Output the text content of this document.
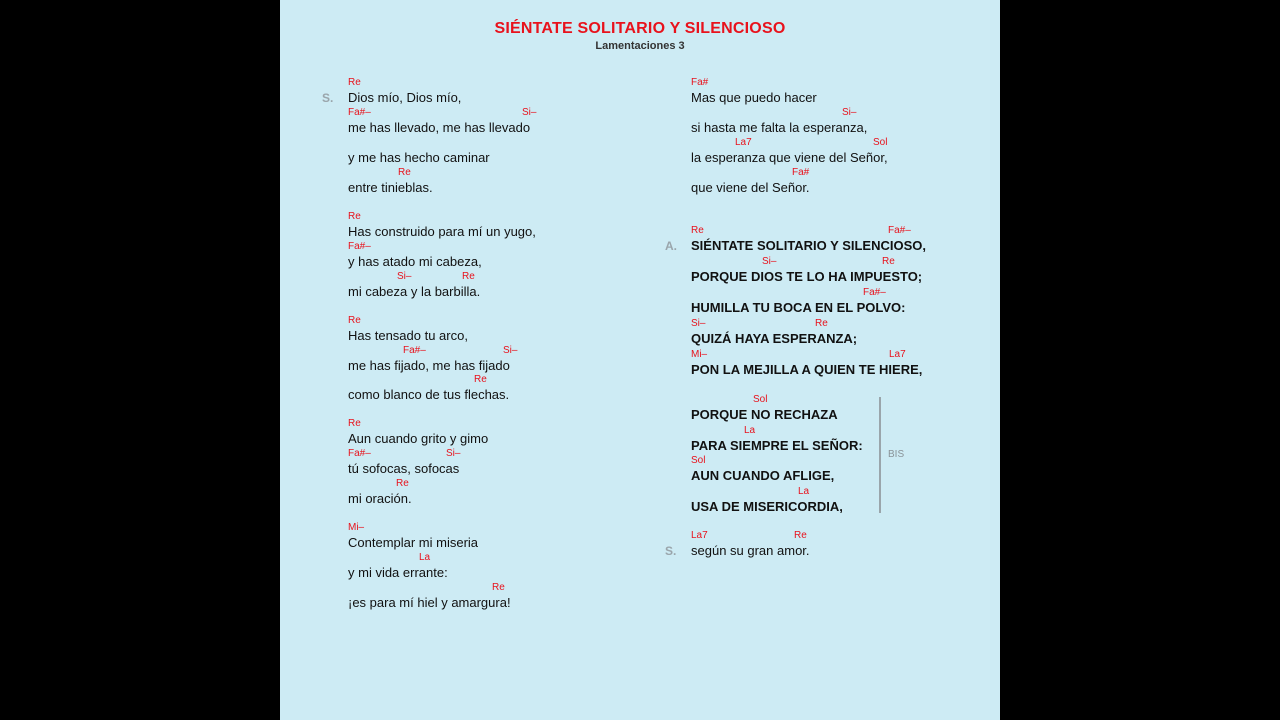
SIÉNTATE SOLITARIO Y SILENCIOSO
Lamentaciones 3
S.
Re
Dios mío, Dios mío,
Fa#–	Si–
me has llevado, me has llevado
y me has hecho caminar
Re
entre tinieblas.
Re
Has construido para mí un yugo,
Fa#–
y has atado mi cabeza,
Si–	Re
mi cabeza y la barbilla.
Re
Has tensado tu arco,
Fa#–	Si–
me has fijado, me has fijado
Re
como blanco de tus flechas.
Re
Aun cuando grito y gimo
Fa#–	Si–
tú sofocas, sofocas
Re
mi oración.
Mi–
Contemplar mi miseria
La
y mi vida errante:
Re
¡es para mí hiel y amargura!
Fa#
Mas que puedo hacer
Si–
si hasta me falta la esperanza,
La7	Sol
la esperanza que viene del Señor,
Fa#
que viene del Señor.
A.
Re	Fa#–
SIÉNTATE SOLITARIO Y SILENCIOSO,
Si–	Re
PORQUE DIOS TE LO HA IMPUESTO;
Fa#–
HUMILLA TU BOCA EN EL POLVO:
Si–	Re
QUIZÁ HAYA ESPERANZA;
Mi–	La7
PON LA MEJILLA A QUIEN TE HIERE,
Sol
PORQUE NO RECHAZA
La
PARA SIEMPRE EL SEÑOR:
Sol
AUN CUANDO AFLIGE,
La
USA DE MISERICORDIA,
S.
La7	Re
según su gran amor.
BIS
